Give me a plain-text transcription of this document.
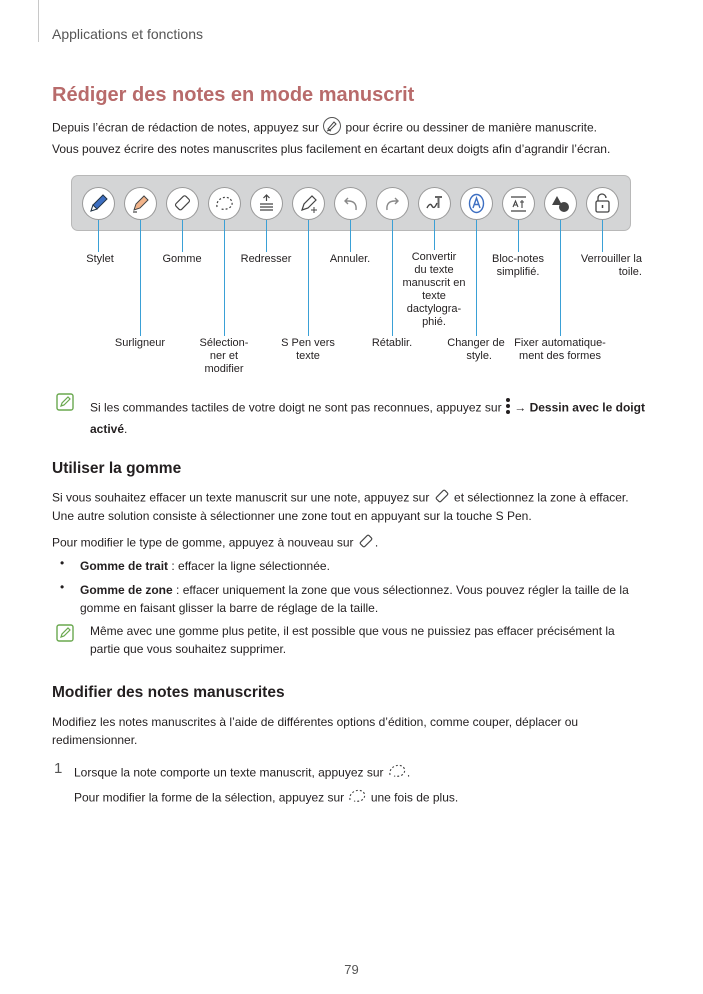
Applications et fonctions
Rédiger des notes en mode manuscrit
Depuis l’écran de rédaction de notes, appuyez sur pour écrire ou dessiner de manière manuscrite.
Vous pouvez écrire des notes manuscrites plus facilement en écartant deux doigts afin d’agrandir l’écran.
Stylet	Gomme	Redresser	Annuler.	Convertir
du texte
manuscrit en
texte
dactylogra-
phié.
Bloc-notes
simplifié.
Verrouiller la
toile.
Surligneur	Sélection-
ner et
modifier
S Pen vers
texte
Rétablir.	Changer de
style.
Fixer automatique-
ment des formes
Si les commandes tactiles de votre doigt ne sont pas reconnues, appuyez sur → Dessin avec le doigt
activé.
Utiliser la gomme
Si vous souhaitez effacer un texte manuscrit sur une note, appuyez sur et sélectionnez la zone à effacer.
Une autre solution consiste à sélectionner une zone tout en appuyant sur la touche S Pen.
Pour modifier le type de gomme, appuyez à nouveau sur .
• Gomme de trait : effacer la ligne sélectionnée.
• Gomme de zone : effacer uniquement la zone que vous sélectionnez. Vous pouvez régler la taille de la
gomme en faisant glisser la barre de réglage de la taille.
Même avec une gomme plus petite, il est possible que vous ne puissiez pas effacer précisément la
partie que vous souhaitez supprimer.
Modifier des notes manuscrites
Modifiez les notes manuscrites à l’aide de différentes options d’édition, comme couper, déplacer ou
redimensionner.
1 Lorsque la note comporte un texte manuscrit, appuyez sur .
Pour modifier la forme de la sélection, appuyez sur une fois de plus.
79
